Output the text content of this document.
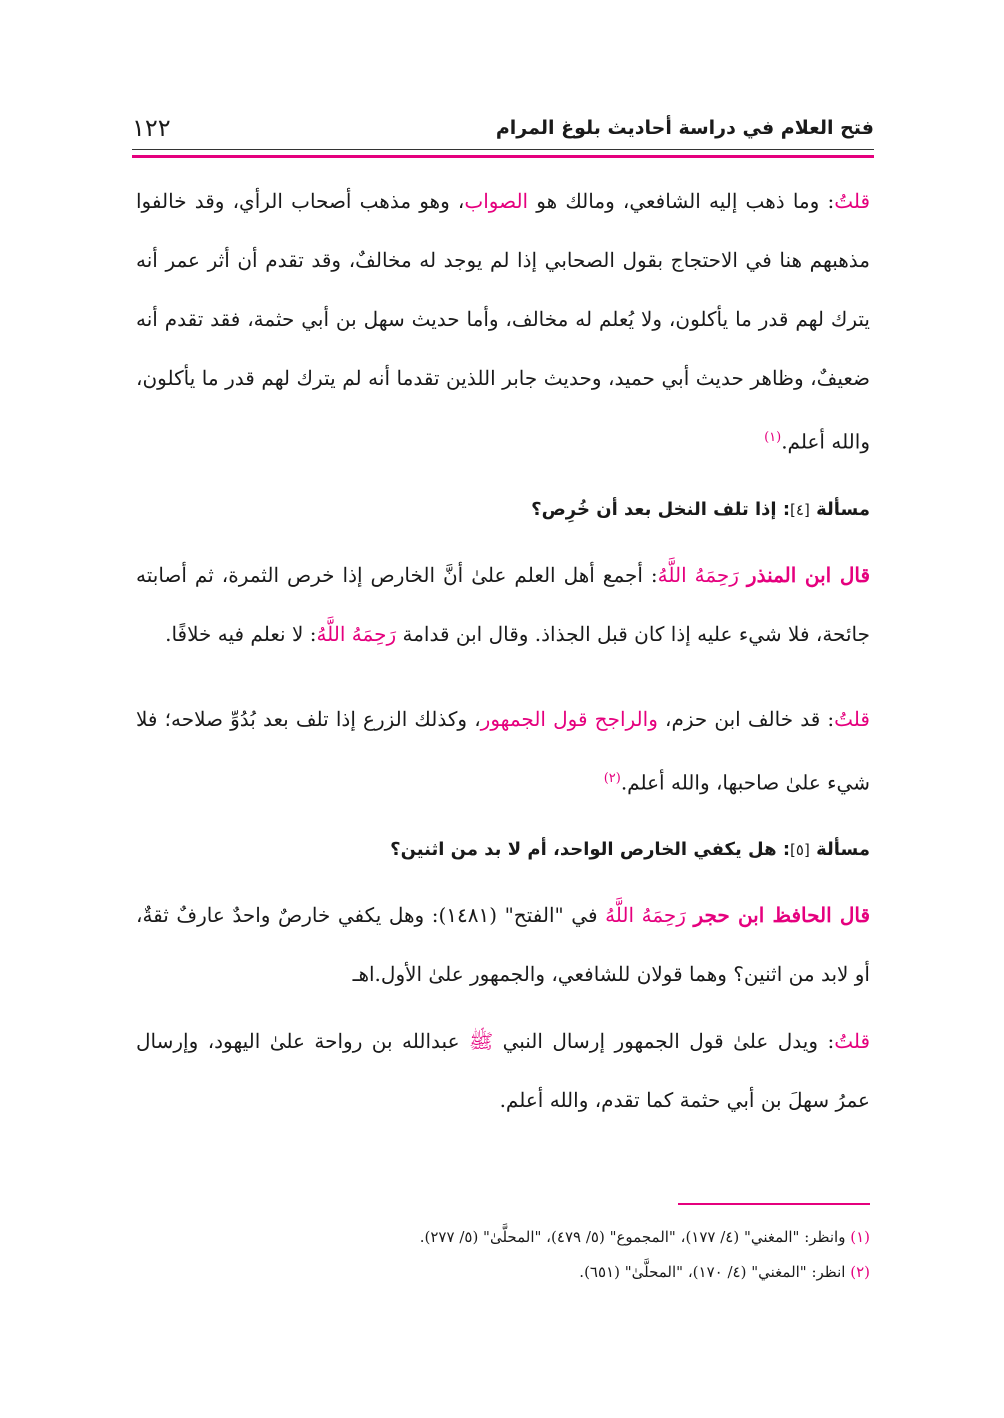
فتح العلام في دراسة أحاديث بلوغ المرام
١٢٢

قلتُ: وما ذهب إليه الشافعي، ومالك هو الصواب، وهو مذهب أصحاب الرأي، وقد خالفوا مذهبهم هنا في الاحتجاج بقول الصحابي إذا لم يوجد له مخالفٌ، وقد تقدم أن أثر عمر أنه يترك لهم قدر ما يأكلون، ولا يُعلم له مخالف، وأما حديث سهل بن أبي حثمة، فقد تقدم أنه ضعيفٌ، وظاهر حديث أبي حميد، وحديث جابر اللذين تقدما أنه لم يترك لهم قدر ما يأكلون، والله أعلم.$^{(١)}$

مسألة [٤]: إذا تلف النخل بعد أن خُرِص؟

قال ابن المنذر رَحِمَهُ اللَّهُ: أجمع أهل العلم علىٰ أنَّ الخارص إذا خرص الثمرة، ثم أصابته جائحة، فلا شيء عليه إذا كان قبل الجذاذ. وقال ابن قدامة رَحِمَهُ اللَّهُ: لا نعلم فيه خلافًا.

قلتُ: قد خالف ابن حزم، والراجح قول الجمهور، وكذلك الزرع إذا تلف بعد بُدُوِّ صلاحه؛ فلا شيء علىٰ صاحبها، والله أعلم.$^{(٢)}$

مسألة [٥]: هل يكفي الخارص الواحد، أم لا بد من اثنين؟

قال الحافظ ابن حجر رَحِمَهُ اللَّهُ في "الفتح" (١٤٨١): وهل يكفي خارصٌ واحدٌ عارفٌ ثقةٌ، أو لابد من اثنين؟ وهما قولان للشافعي، والجمهور علىٰ الأول.اهـ

قلتُ: ويدل علىٰ قول الجمهور إرسال النبي ﷺ عبدالله بن رواحة علىٰ اليهود، وإرسال عمرُ سهلَ بن أبي حثمة كما تقدم، والله أعلم.

(١) وانظر: "المغني" (٤/ ١٧٧)، "المجموع" (٥/ ٤٧٩)، "المحلَّىٰ" (٥/ ٢٧٧).

(٢) انظر: "المغني" (٤/ ١٧٠)، "المحلَّىٰ" (٦٥١).
